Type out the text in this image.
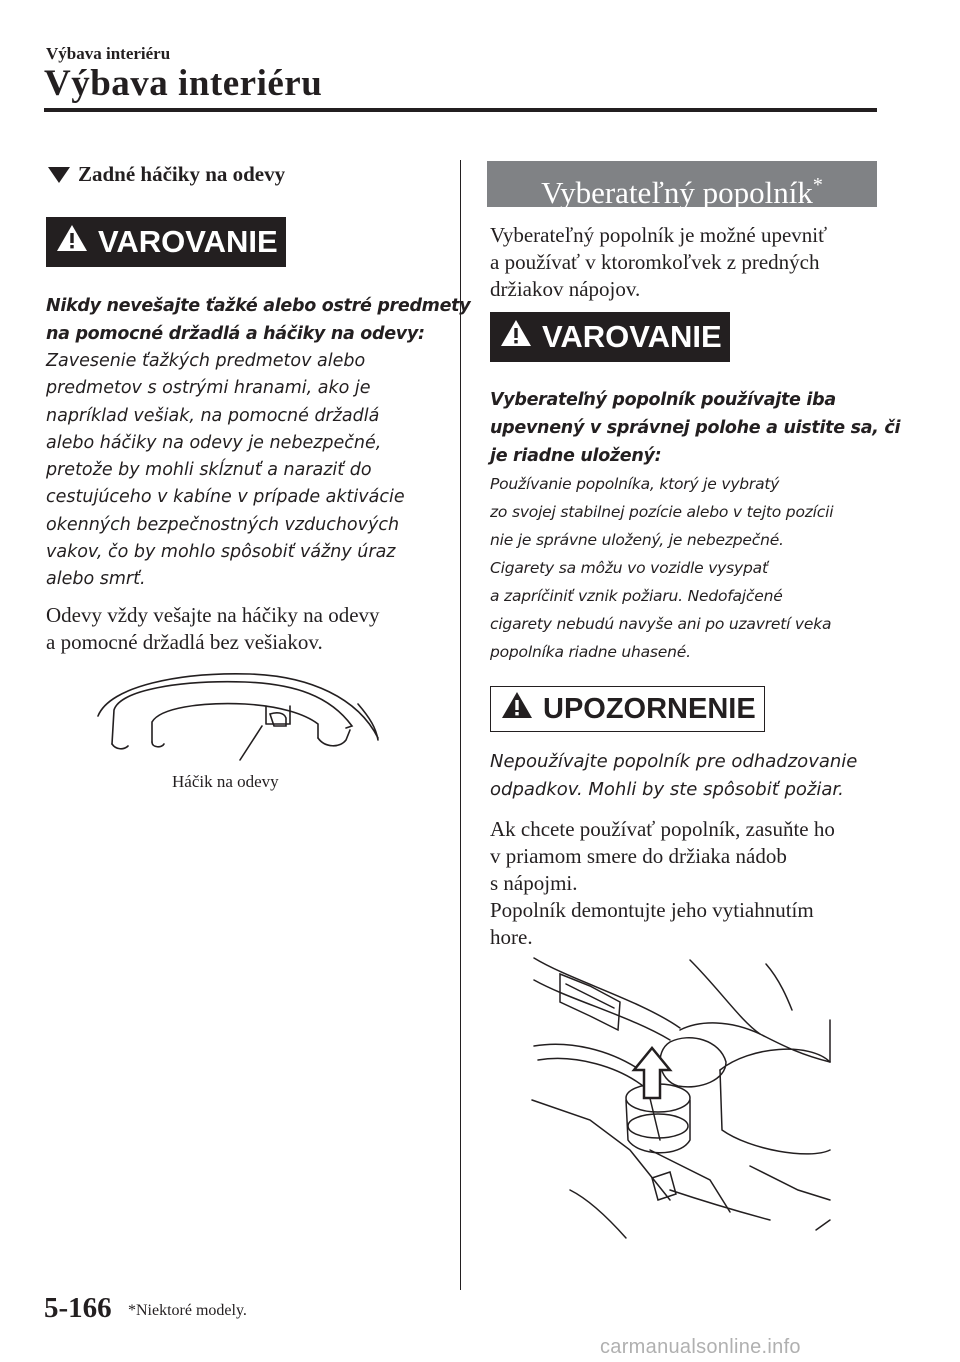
Výbava interiéru
Výbava interiéru
Zadné háčiky na odevy
VAROVANIE
Nikdy nevešajte ťažké alebo ostré predmety
na pomocné držadlá a háčiky na odevy:
Zavesenie ťažkých predmetov alebo
predmetov s ostrými hranami, ako je
napríklad vešiak, na pomocné držadlá
alebo háčiky na odevy je nebezpečné,
pretože by mohli skĺznuť a naraziť do
cestujúceho v kabíne v prípade aktivácie
okenných bezpečnostných vzduchových
vakov, čo by mohlo spôsobiť vážny úraz
alebo smrť.
Odevy vždy vešajte na háčiky na odevy
a pomocné držadlá bez vešiakov.
Háčik na odevy
Vyberateľný popolník*
Vyberateľný popolník je možné upevniť
a používať v ktoromkoľvek z predných
držiakov nápojov.
VAROVANIE
Vyberateľný popolník používajte iba
upevnený v správnej polohe a uistite sa, či
je riadne uložený:
Používanie popolníka, ktorý je vybratý
zo svojej stabilnej pozície alebo v tejto pozícii
nie je správne uložený, je nebezpečné.
Cigarety sa môžu vo vozidle vysypať
a zapríčiniť vznik požiaru. Nedofajčené
cigarety nebudú navyše ani po uzavretí veka
popolníka riadne uhasené.
UPOZORNENIE
Nepoužívajte popolník pre odhadzovanie
odpadkov. Mohli by ste spôsobiť požiar.
Ak chcete používať popolník, zasuňte ho
v priamom smere do držiaka nádob
s nápojmi.
Popolník demontujte jeho vytiahnutím
hore.
5-166 *Niektoré modely.
carmanualsonline.info
